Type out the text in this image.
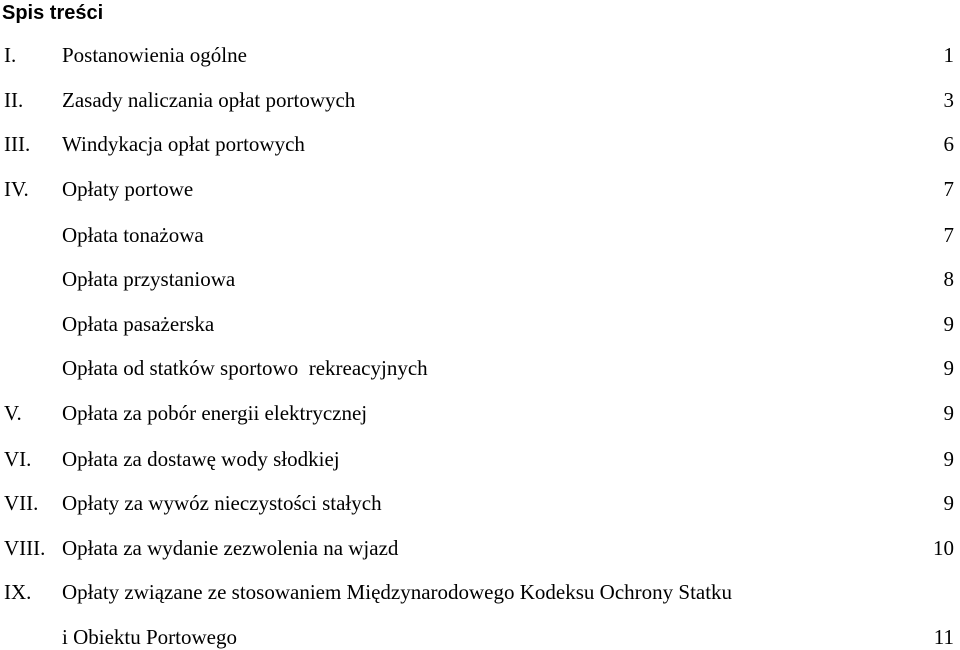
Spis treści
I. Postanowienia ogólne	1
II. Zasady naliczania opłat portowych	3
III. Windykacja opłat portowych	6
IV. Opłaty portowe	7
Opłata tonażowa	7
Opłata przystaniowa	8
Opłata pasażerska	9
Opłata od statków sportowo  rekreacyjnych	9
V. Opłata za pobór energii elektrycznej	9
VI. Opłata za dostawę wody słodkiej	9
VII. Opłaty za wywóz nieczystości stałych	9
VIII. Opłata za wydanie zezwolenia na wjazd	10
IX. Opłaty związane ze stosowaniem Międzynarodowego Kodeksu Ochrony Statku
i Obiektu Portowego	11
